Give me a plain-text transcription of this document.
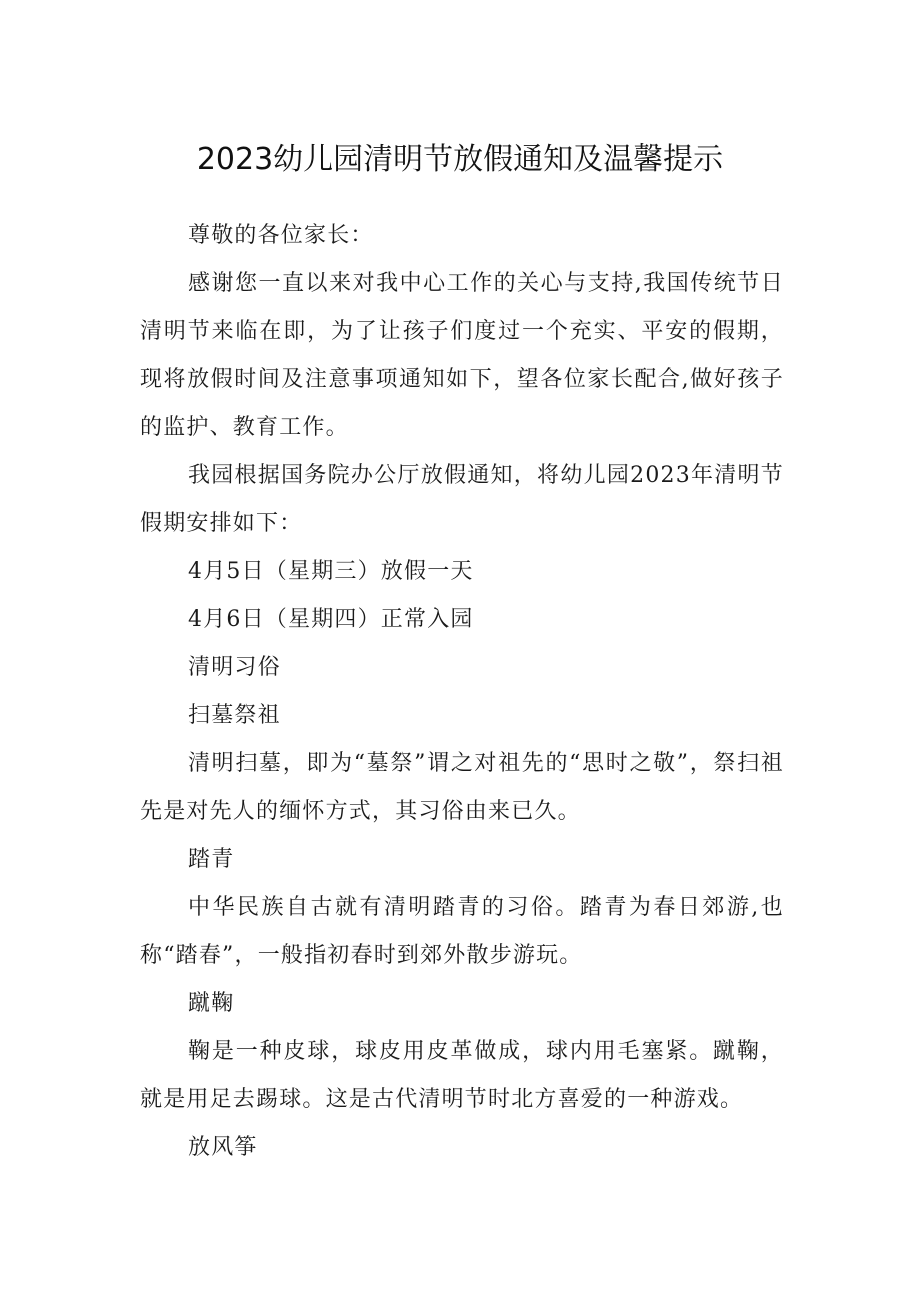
2023幼儿园清明节放假通知及温馨提示

尊敬的各位家长：

感谢您一直以来对我中心工作的关心与支持,我国传统节日清明节来临在即，为了让孩子们度过一个充实、平安的假期，现将放假时间及注意事项通知如下，望各位家长配合,做好孩子的监护、教育工作。

我园根据国务院办公厅放假通知，将幼儿园2023年清明节假期安排如下：

4月5日（星期三）放假一天

4月6日（星期四）正常入园

清明习俗

扫墓祭祖

清明扫墓，即为“墓祭”谓之对祖先的“思时之敬”，祭扫祖先是对先人的缅怀方式，其习俗由来已久。

踏青

中华民族自古就有清明踏青的习俗。踏青为春日郊游,也称“踏春”，一般指初春时到郊外散步游玩。

蹴鞠

鞠是一种皮球，球皮用皮革做成，球内用毛塞紧。蹴鞠，就是用足去踢球。这是古代清明节时北方喜爱的一种游戏。

放风筝
